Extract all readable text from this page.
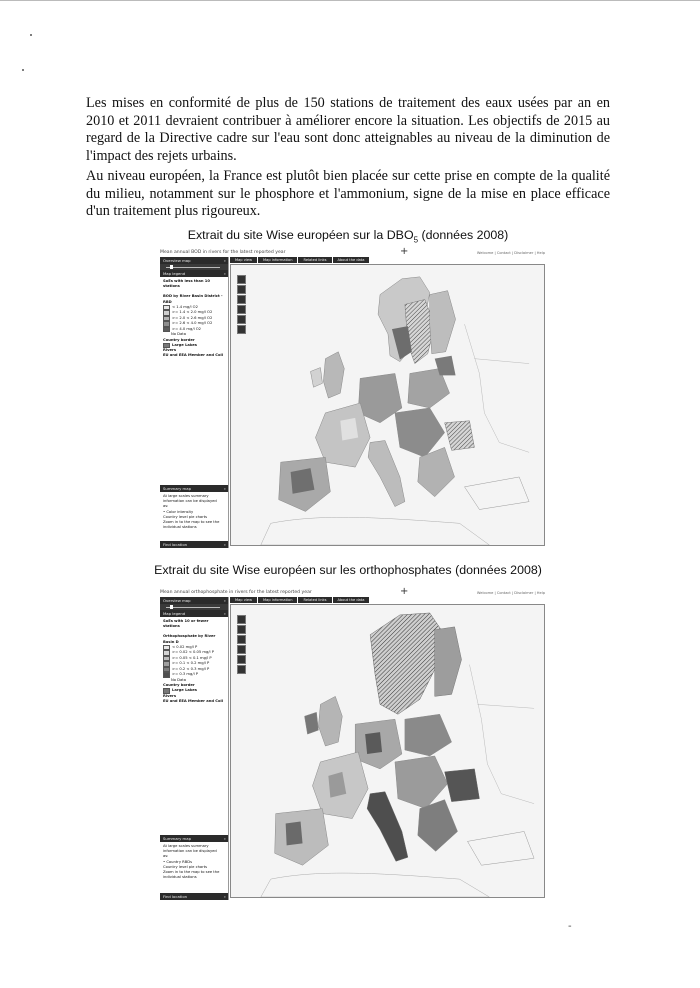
Les mises en conformité de plus de 150 stations de traitement des eaux usées par an en 2010 et 2011 devraient contribuer à améliorer encore la situation. Les objectifs de 2015 au regard de la Directive cadre sur l'eau sont donc atteignables au niveau de la diminution de l'impact des rejets urbains.

Au niveau européen, la France est plutôt bien placée sur cette prise en compte de la qualité du milieu, notamment sur le phosphore et l'ammonium, signe de la mise en place efficace d'un traitement plus rigoureux.

Extrait du site Wise européen sur la $DBO_5$ (données 2008)
Mean annual BOD in rivers for the latest reported year	+	Welcome | Contact | Disclaimer | Help
Overview map	»
Map legend	»
SoEs with less than 10 stations
BOD by River Basin District - RBD
< 1.4 mg/l O2
>= 1.4 < 2.0 mg/l O2
>= 2.0 < 2.6 mg/l O2
>= 2.6 < 4.0 mg/l O2
>= 4.0 mg/l O2
No Data
Country border
Large Lakes
Rivers
EU and EEA Member and Coll
Summary map	»
At large scales summary
information can be displayed
as:
• Color intensity
Country level pie charts
Zoom in to the map to see the
individual stations
Find location	»
Map view	Map information	Related links	About the data
Extrait du site Wise européen sur les orthophosphates (données 2008)
Mean annual orthophosphate in rivers for the latest reported year	+	Welcome | Contact | Disclaimer | Help
Overview map	»
Map legend	»
SoEs with 10 or fewer stations
Orthophosphate by River Basin D
< 0.02 mg/l P
>= 0.02 < 0.05 mg/l P
>= 0.05 < 0.1 mg/l P
>= 0.1 < 0.2 mg/l P
>= 0.2 < 0.3 mg/l P
>= 0.3 mg/l P
No Data
Country border
Large Lakes
Rivers
EU and EEA Member and Coll
Summary map	»
At large scales summary
information can be displayed
as:
• Country RBDs
Country level pie charts
Zoom in to the map to see the
individual stations
Find location	»
Map view	Map information	Related links	About the data
-
